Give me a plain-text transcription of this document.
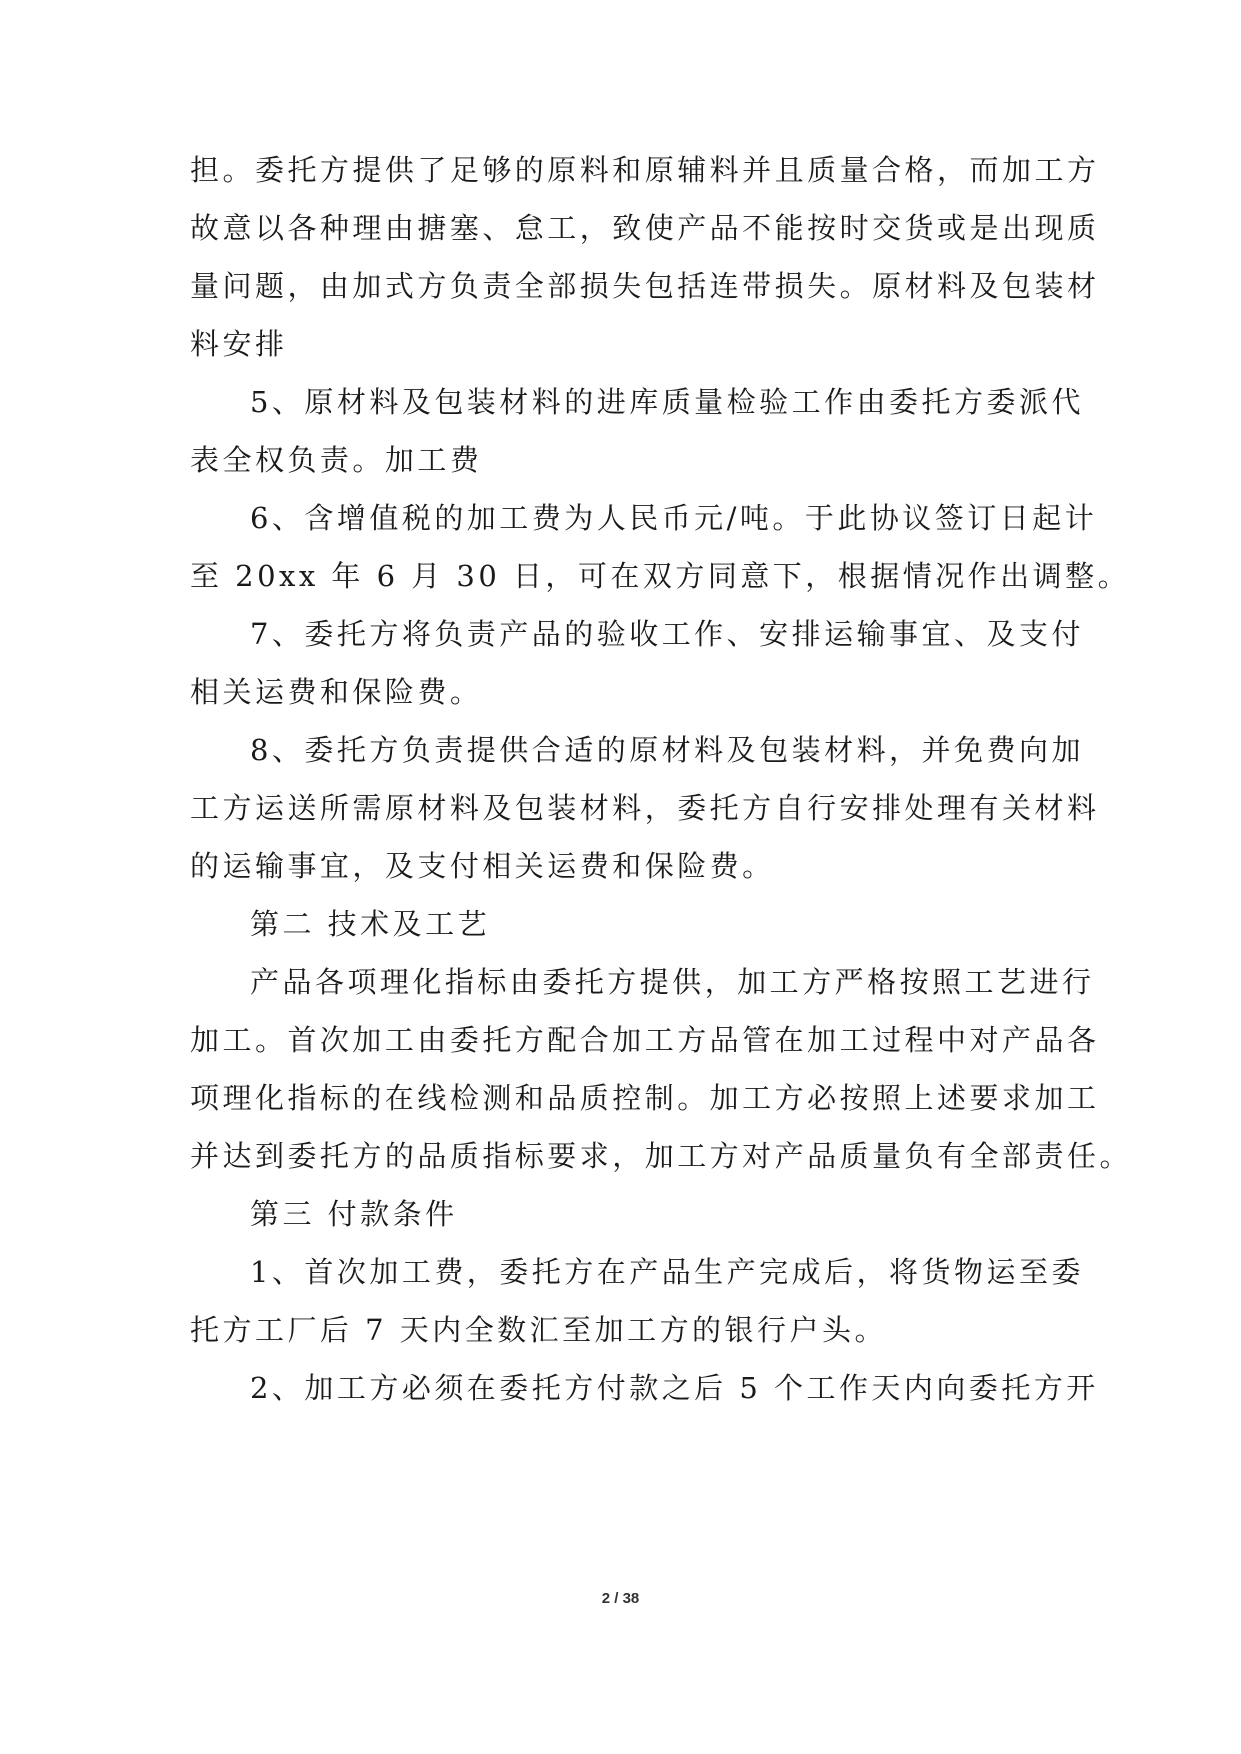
担。委托方提供了足够的原料和原辅料并且质量合格，而加工方
故意以各种理由搪塞、怠工，致使产品不能按时交货或是出现质
量问题，由加式方负责全部损失包括连带损失。原材料及包装材
料安排
5、原材料及包装材料的进库质量检验工作由委托方委派代
表全权负责。加工费
6、含增值税的加工费为人民币元/吨。于此协议签订日起计
至 20xx 年 6 月 30 日，可在双方同意下，根据情况作出调整。
7、委托方将负责产品的验收工作、安排运输事宜、及支付
相关运费和保险费。
8、委托方负责提供合适的原材料及包装材料，并免费向加
工方运送所需原材料及包装材料，委托方自行安排处理有关材料
的运输事宜，及支付相关运费和保险费。
第二 技术及工艺
产品各项理化指标由委托方提供，加工方严格按照工艺进行
加工。首次加工由委托方配合加工方品管在加工过程中对产品各
项理化指标的在线检测和品质控制。加工方必按照上述要求加工
并达到委托方的品质指标要求，加工方对产品质量负有全部责任。
第三 付款条件
1、首次加工费，委托方在产品生产完成后，将货物运至委
托方工厂后 7 天内全数汇至加工方的银行户头。
2、加工方必须在委托方付款之后 5 个工作天内向委托方开
2 / 38
